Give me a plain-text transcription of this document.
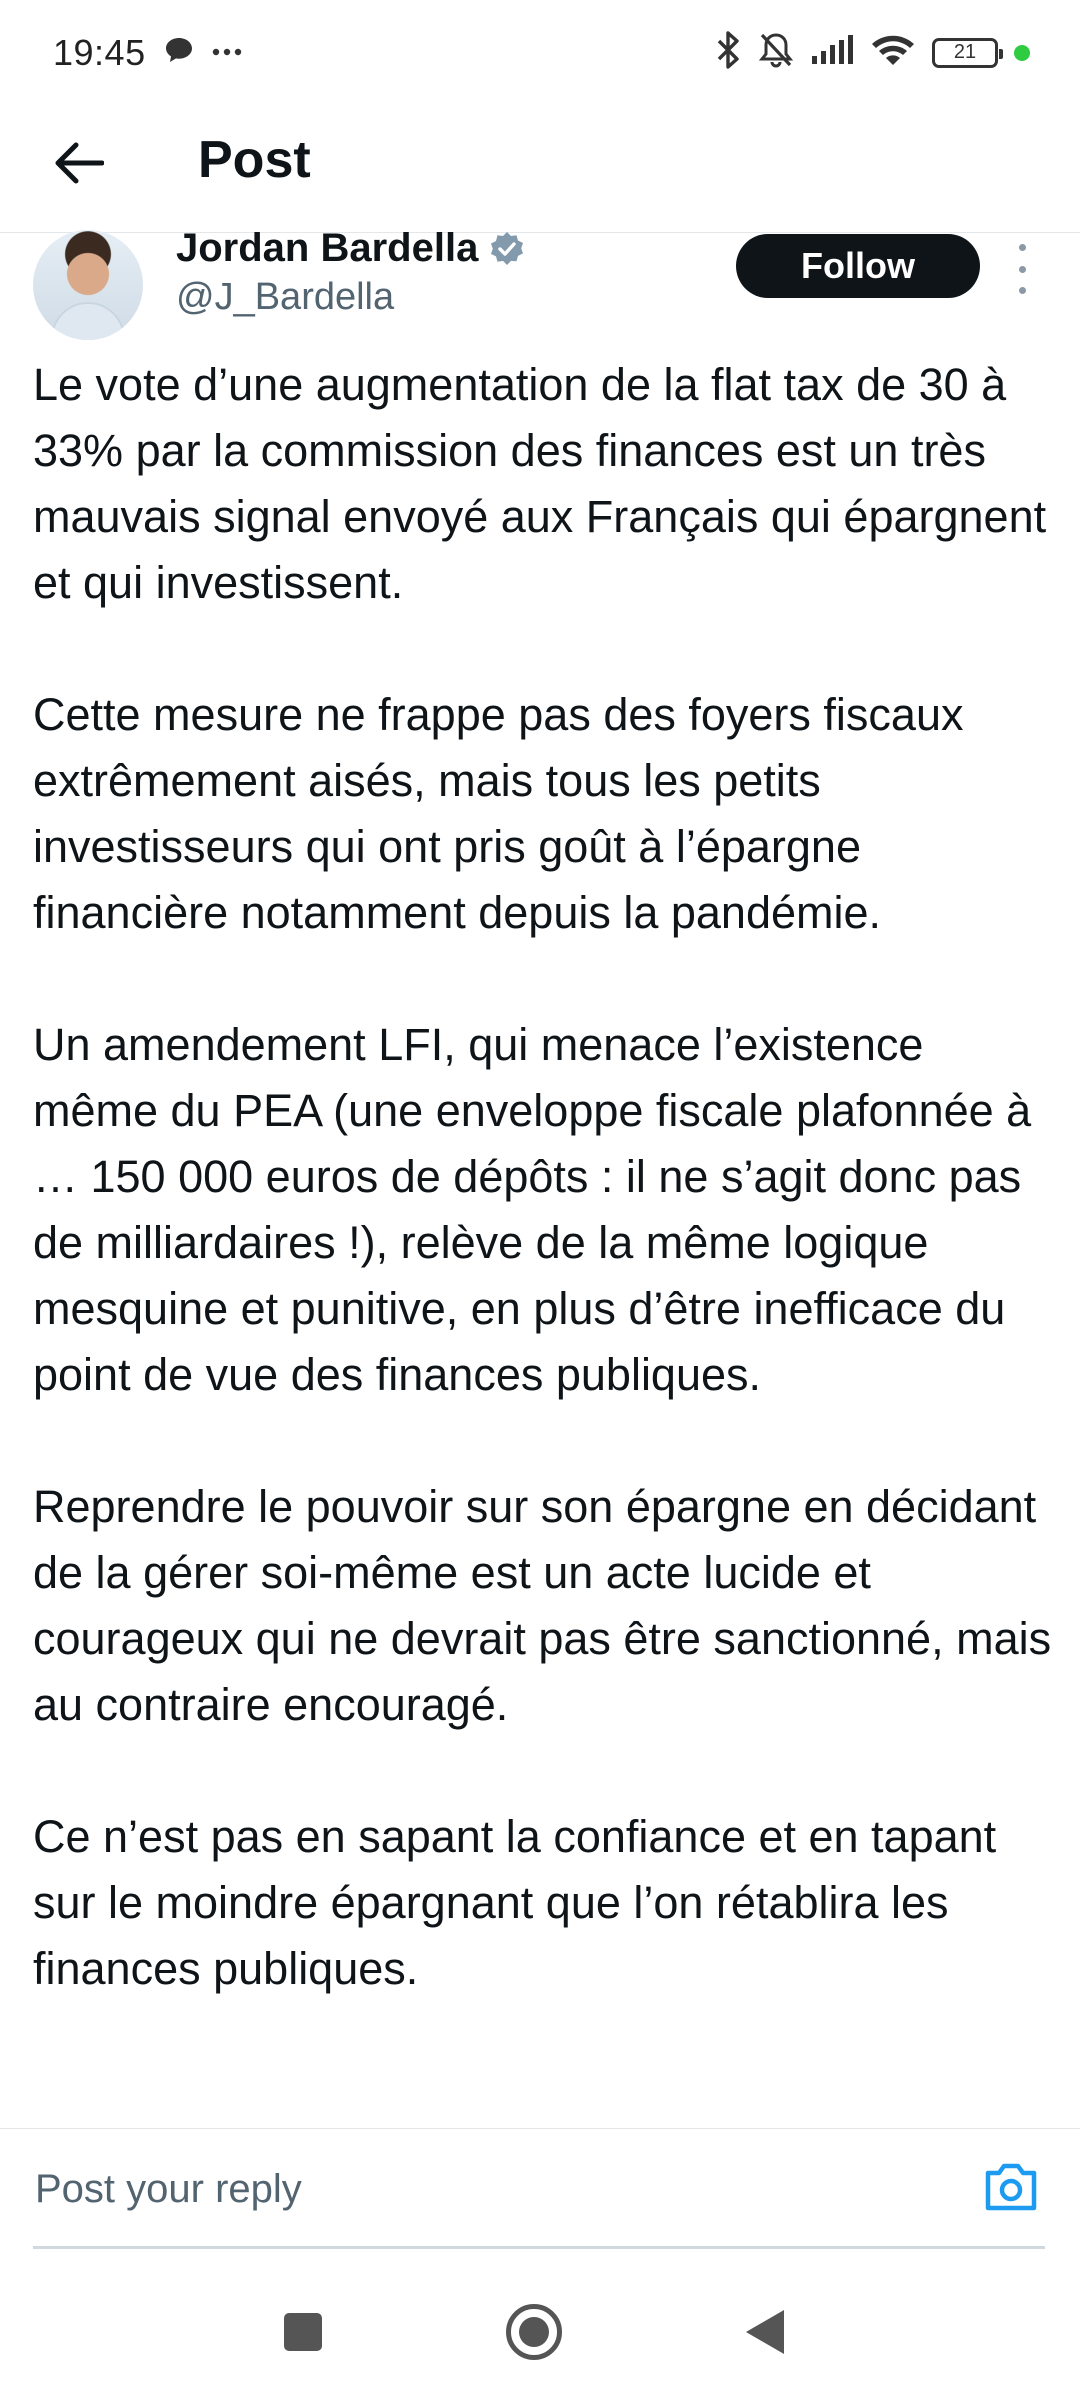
19:45	21
Post
Jordan Bardella
@J_Bardella
Follow

Le vote d’une augmentation de la flat tax de 30 à 33% par la commission des finances est un très mauvais signal envoyé aux Français qui épargnent et qui investissent.

Cette mesure ne frappe pas des foyers fiscaux extrêmement aisés, mais tous les petits investisseurs qui ont pris goût à l’épargne financière notamment depuis la pandémie.

Un amendement LFI, qui menace l’existence même du PEA (une enveloppe fiscale plafonnée à … 150 000 euros de dépôts : il ne s’agit donc pas de milliardaires !), relève de la même logique mesquine et punitive, en plus d’être inefficace du point de vue des finances publiques.

Reprendre le pouvoir sur son épargne en décidant de la gérer soi-même est un acte lucide et courageux qui ne devrait pas être sanctionné, mais au contraire encouragé.

Ce n’est pas en sapant la confiance et en tapant sur le moindre épargnant que l’on rétablira les finances publiques.

Post your reply
